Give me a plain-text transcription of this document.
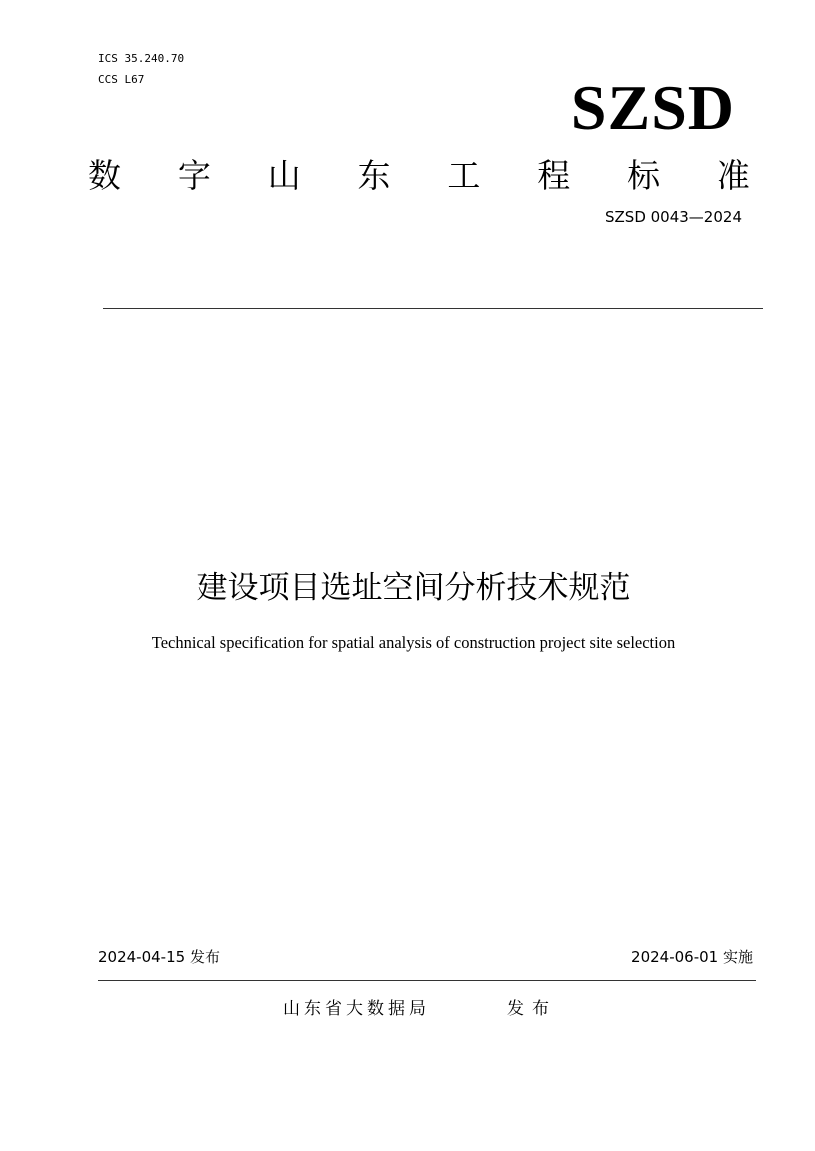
ICS 35.240.70
CCS L67	SZSD
数 字 山 东 工 程 标 准
SZSD 0043—2024
建设项目选址空间分析技术规范
Technical specification for spatial analysis of construction project site selection
2024-04-15 发布	2024-06-01 实施
山东省大数据局	发布
